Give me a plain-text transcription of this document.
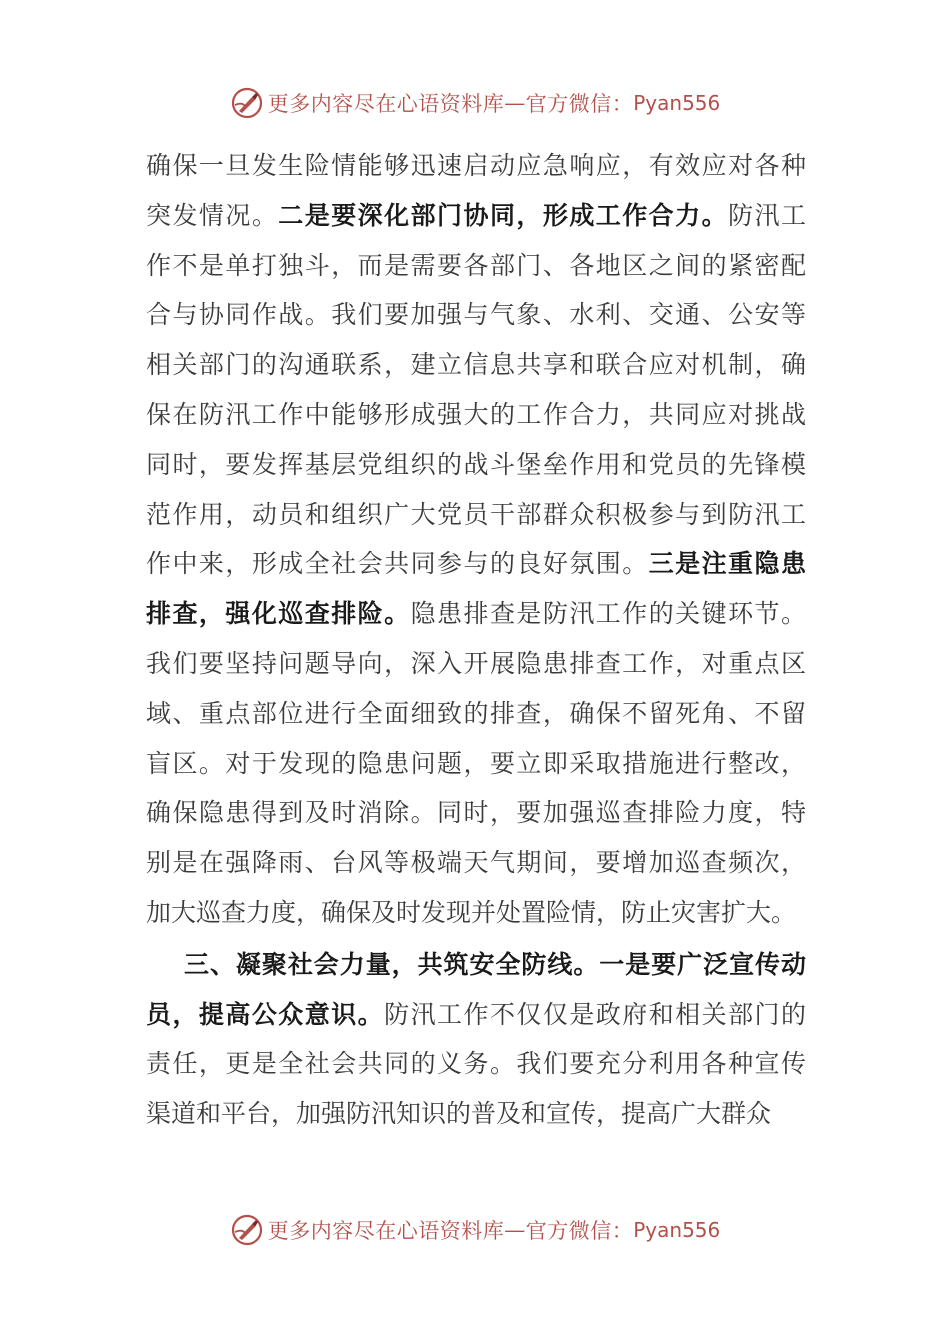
更多内容尽在心语资料库 — 官方微信： Pyan556
确保一旦发生险情能够迅速启动应急响应，有效应对各种
突发情况。二是要深化部门协同，形成工作合力。防汛工
作不是单打独斗，而是需要各部门、各地区之间的紧密配
合与协同作战。我们要加强与气象、水利、交通、公安等
相关部门的沟通联系，建立信息共享和联合应对机制，确
保在防汛工作中能够形成强大的工作合力，共同应对挑战
同时，要发挥基层党组织的战斗堡垒作用和党员的先锋模
范作用，动员和组织广大党员干部群众积极参与到防汛工
作中来，形成全社会共同参与的良好氛围。三是注重隐患
排查，强化巡查排险。隐患排查是防汛工作的关键环节。
我们要坚持问题导向，深入开展隐患排查工作，对重点区
域、重点部位进行全面细致的排查，确保不留死角、不留
盲区。对于发现的隐患问题，要立即采取措施进行整改，
确保隐患得到及时消除。同时，要加强巡查排险力度，特
别是在强降雨、台风等极端天气期间，要增加巡查频次，
加大巡查力度，确保及时发现并处置险情，防止灾害扩大。
三、凝聚社会力量，共筑安全防线。一是要广泛宣传动
员，提高公众意识。防汛工作不仅仅是政府和相关部门的
责任，更是全社会共同的义务。我们要充分利用各种宣传
渠道和平台，加强防汛知识的普及和宣传，提高广大群众
更多内容尽在心语资料库 — 官方微信： Pyan556
